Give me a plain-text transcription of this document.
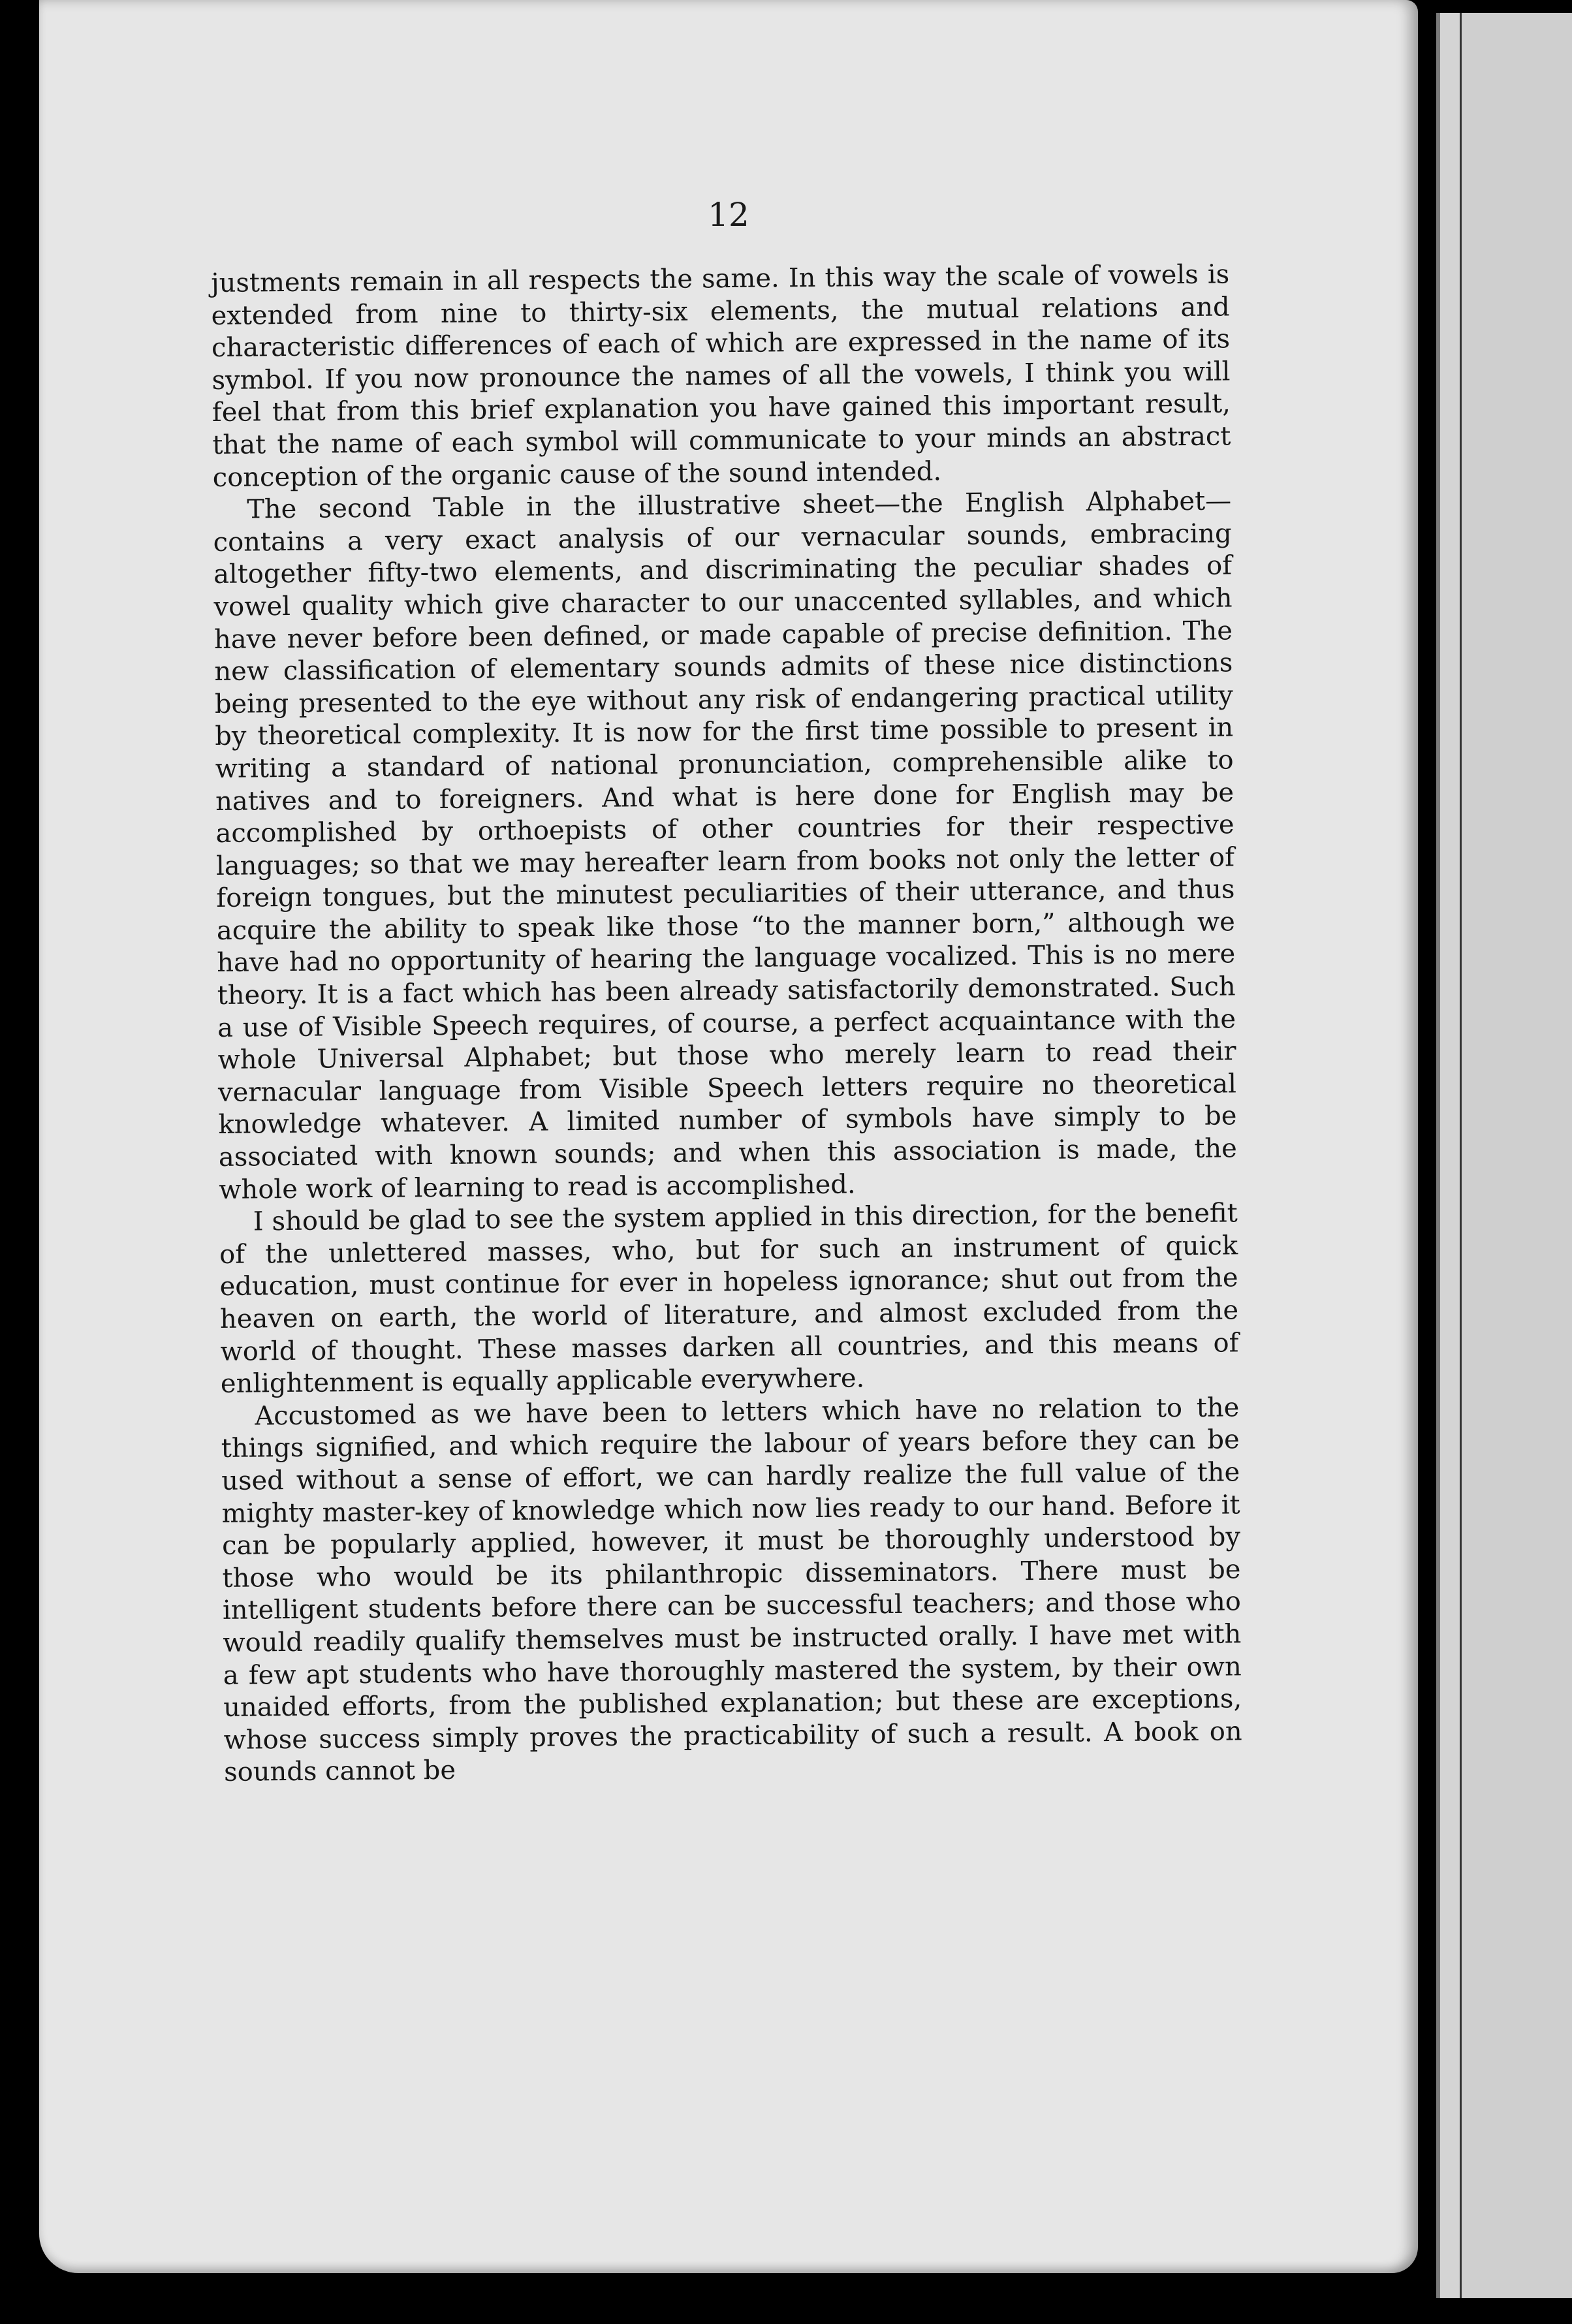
12

justments remain in all respects the same. In this way the scale of vowels is extended from nine to thirty-six elements, the mutual relations and characteristic differences of each of which are expressed in the name of its symbol. If you now pronounce the names of all the vowels, I think you will feel that from this brief explanation you have gained this important result, that the name of each symbol will communicate to your minds an abstract conception of the organic cause of the sound intended.

The second Table in the illustrative sheet—the English Alphabet—contains a very exact analysis of our vernacular sounds, embracing altogether fifty-two elements, and discriminating the peculiar shades of vowel quality which give character to our unaccented syllables, and which have never before been defined, or made capable of precise definition. The new classification of elementary sounds admits of these nice distinctions being presented to the eye without any risk of endangering practical utility by theoretical complexity. It is now for the first time possible to present in writing a standard of national pronunciation, comprehensible alike to natives and to foreigners. And what is here done for English may be accomplished by orthoepists of other countries for their respective languages; so that we may hereafter learn from books not only the letter of foreign tongues, but the minutest peculiarities of their utterance, and thus acquire the ability to speak like those “to the manner born,” although we have had no opportunity of hearing the language vocalized. This is no mere theory. It is a fact which has been already satisfactorily demonstrated. Such a use of Visible Speech requires, of course, a perfect acquaintance with the whole Universal Alphabet; but those who merely learn to read their vernacular language from Visible Speech letters require no theoretical knowledge whatever. A limited number of symbols have simply to be associated with known sounds; and when this association is made, the whole work of learning to read is accomplished.

I should be glad to see the system applied in this direction, for the benefit of the unlettered masses, who, but for such an instrument of quick education, must continue for ever in hopeless ignorance; shut out from the heaven on earth, the world of literature, and almost excluded from the world of thought. These masses darken all countries, and this means of enlightenment is equally applicable everywhere.

Accustomed as we have been to letters which have no relation to the things signified, and which require the labour of years before they can be used without a sense of effort, we can hardly realize the full value of the mighty master-key of knowledge which now lies ready to our hand. Before it can be popularly applied, however, it must be thoroughly understood by those who would be its philanthropic disseminators. There must be intelligent students before there can be successful teachers; and those who would readily qualify themselves must be instructed orally. I have met with a few apt students who have thoroughly mastered the system, by their own unaided efforts, from the published explanation; but these are exceptions, whose success simply proves the practicability of such a result. A book on sounds cannot be
